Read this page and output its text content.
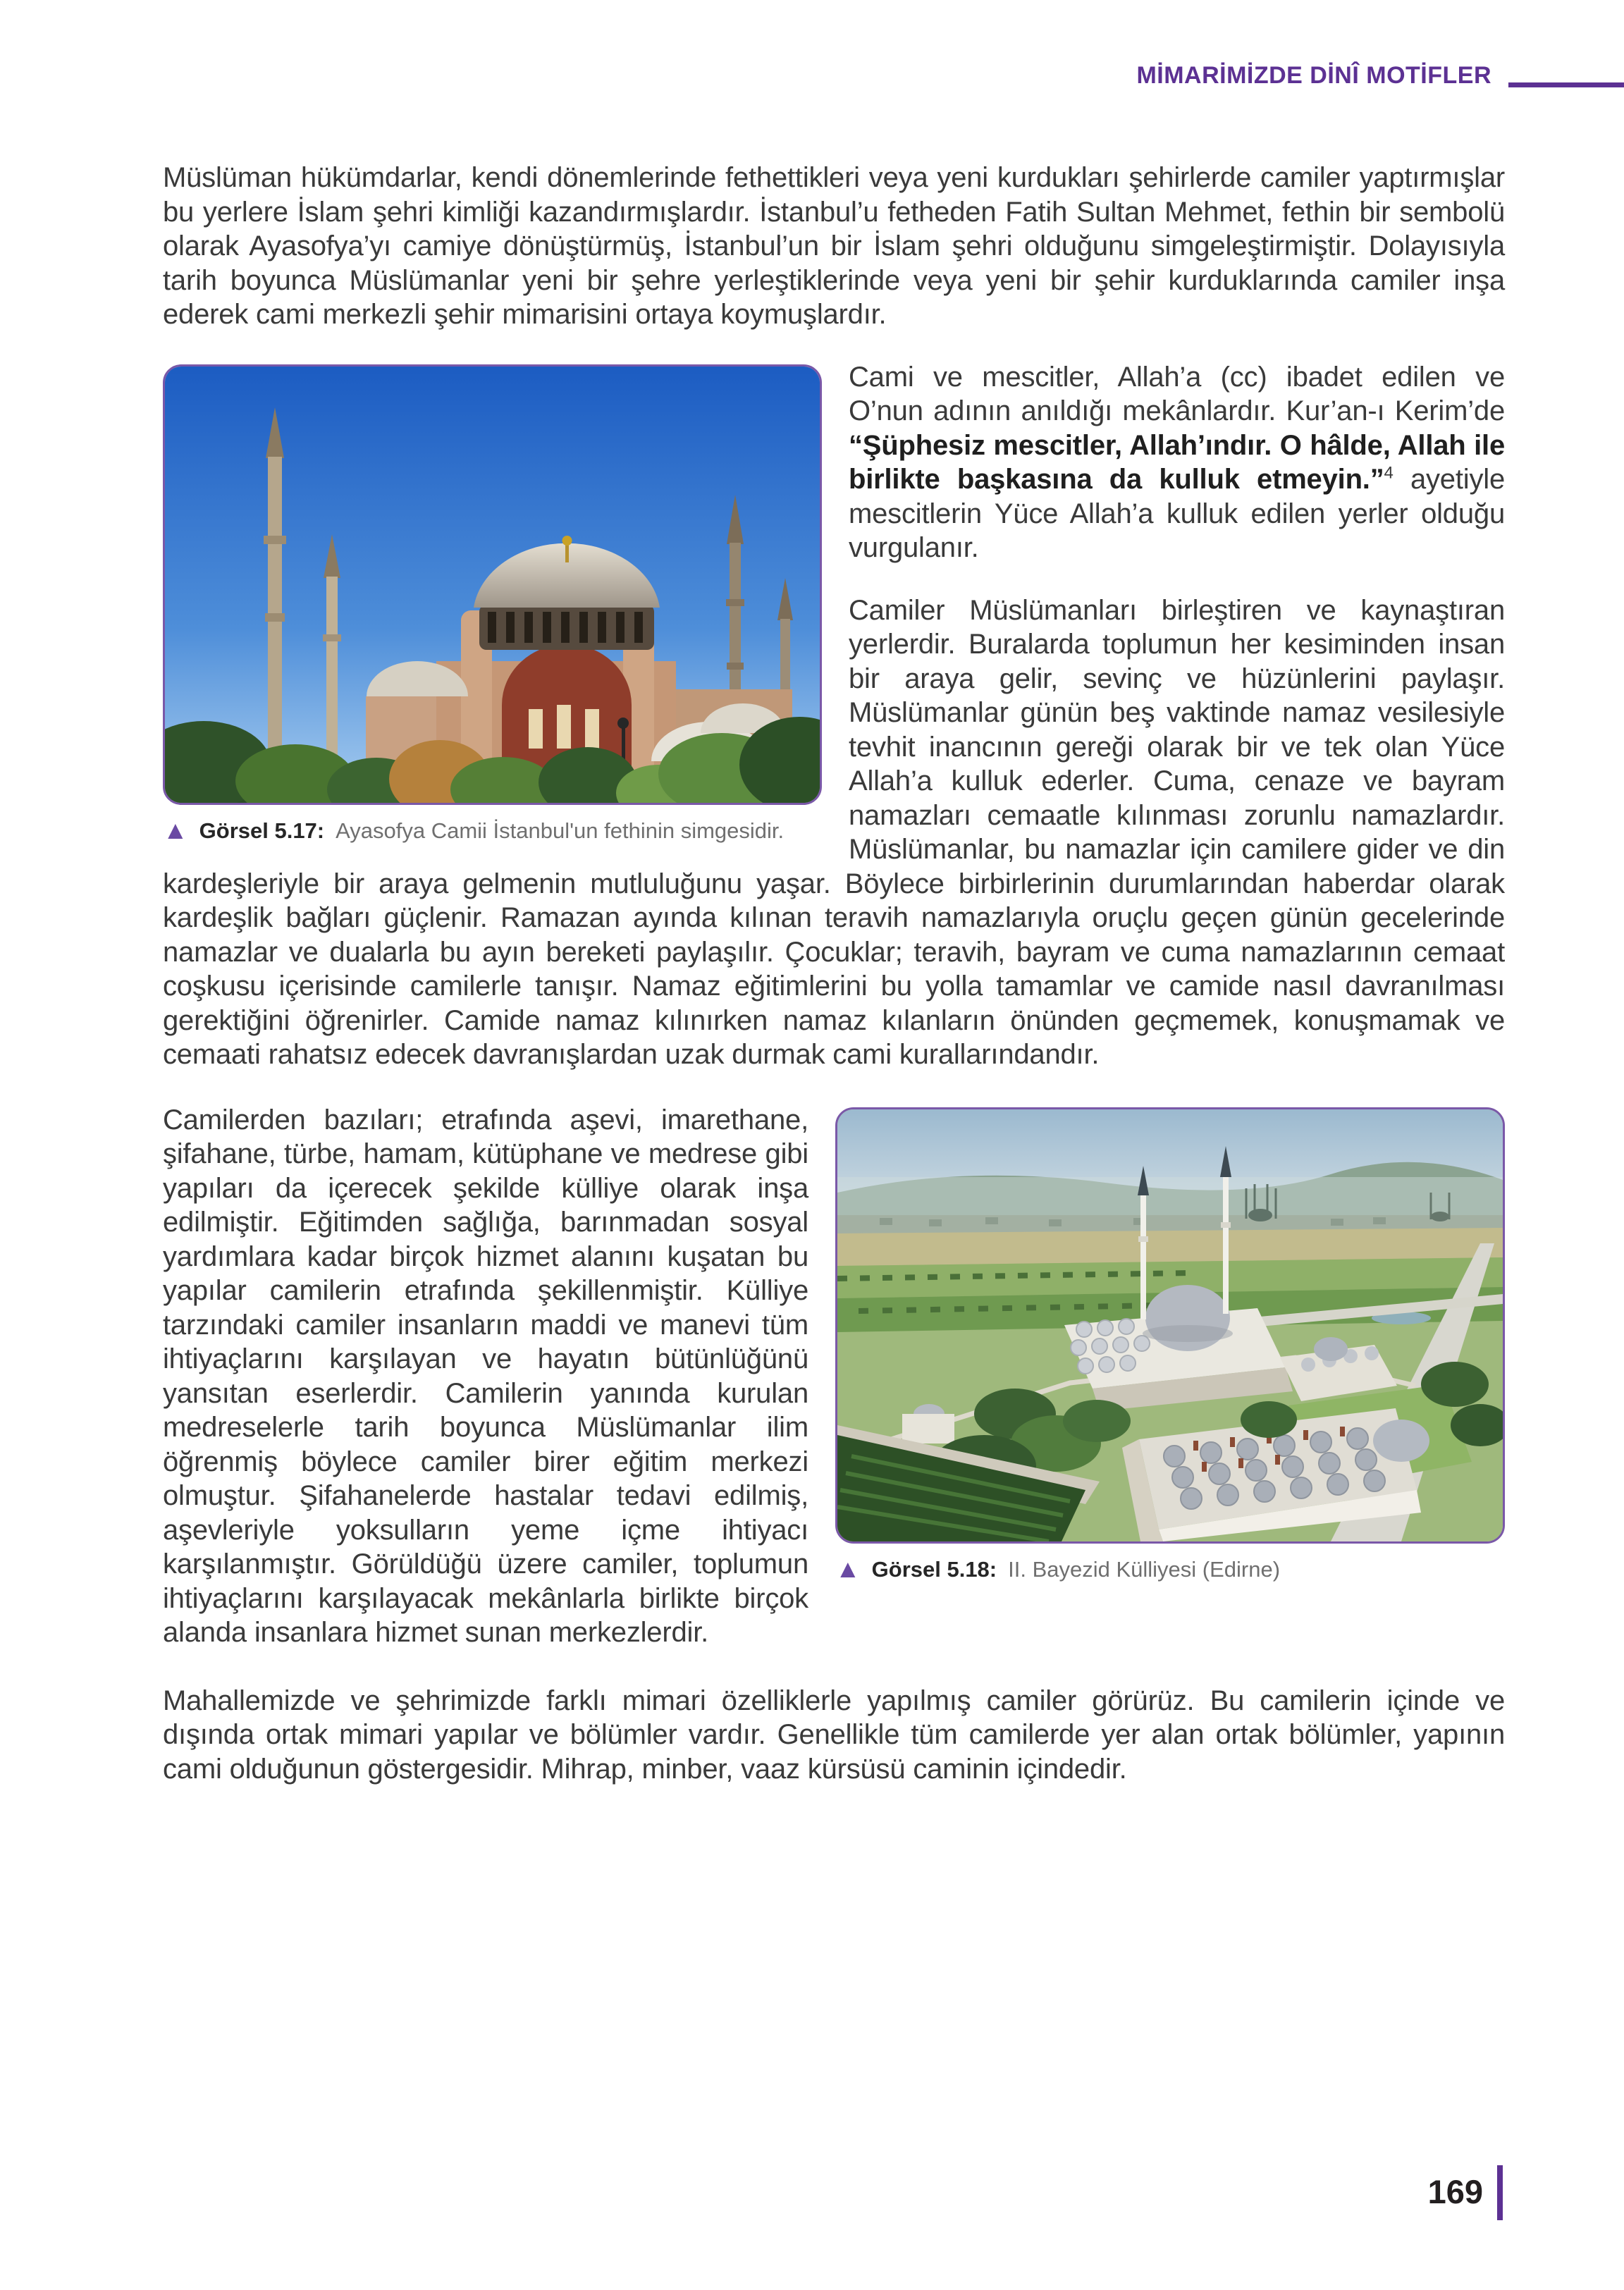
MİMARİMİZDE DİNÎ MOTİFLER

Müslüman hükümdarlar, kendi dönemlerinde fethettikleri veya yeni kurdukları şehirlerde camiler yaptırmışlar bu yerlere İslam şehri kimliği kazandırmışlardır. İstanbul’u fetheden Fatih Sultan Mehmet, fethin bir sembolü olarak Ayasofya’yı camiye dönüştürmüş, İstanbul’un bir İslam şehri olduğunu simgeleştirmiştir. Dolayısıyla tarih boyunca Müslümanlar yeni bir şehre yerleştiklerinde veya yeni bir şehir kurduklarında camiler inşa ederek cami merkezli şehir mimarisini ortaya koymuşlardır.

▲ Görsel 5.17: Ayasofya Camii İstanbul'un fethinin simgesidir.

Cami ve mescitler, Allah’a (cc) ibadet edilen ve O’nun adının anıldığı mekânlardır. Kur’an-ı Kerim’de “Şüphesiz mescitler, Allah’ındır. O hâlde, Allah ile birlikte başkasına da kulluk etmeyin.”$^4$ ayetiyle mescitlerin Yüce Allah’a kulluk edilen yerler olduğu vurgulanır.

Camiler Müslümanları birleştiren ve kaynaştıran yerlerdir. Buralarda toplumun her kesiminden insan bir araya gelir, sevinç ve hüzünlerini paylaşır. Müslümanlar günün beş vaktinde namaz vesilesiyle tevhit inancının gereği olarak bir ve tek olan Yüce Allah’a kulluk ederler. Cuma, cenaze ve bayram namazları cemaatle kılınması zorunlu namazlardır. Müslümanlar, bu namazlar için camilere gider ve din kardeşleriyle bir araya gelmenin mutluluğunu yaşar. Böylece birbirlerinin durumlarından haberdar olarak kardeşlik bağları güçlenir. Ramazan ayında kılınan teravih namazlarıyla oruçlu geçen günün gecelerinde namazlar ve dualarla bu ayın bereketi paylaşılır. Çocuklar; teravih, bayram ve cuma namazlarının cemaat coşkusu içerisinde camilerle tanışır. Namaz eğitimlerini bu yolla tamamlar ve camide nasıl davranılması gerektiğini öğrenirler. Camide namaz kılınırken namaz kılanların önünden geçmemek, konuşmamak ve cemaati rahatsız edecek davranışlardan uzak durmak cami kurallarındandır.

▲ Görsel 5.18: II. Bayezid Külliyesi (Edirne)

Camilerden bazıları; etrafında aşevi, imarethane, şifahane, türbe, hamam, kütüphane ve medrese gibi yapıları da içerecek şekilde külliye olarak inşa edilmiştir. Eğitimden sağlığa, barınmadan sosyal yardımlara kadar birçok hizmet alanını kuşatan bu yapılar camilerin etrafında şekillenmiştir. Külliye tarzındaki camiler insanların maddi ve manevi tüm ihtiyaçlarını karşılayan ve hayatın bütünlüğünü yansıtan eserlerdir. Camilerin yanında kurulan medreselerle tarih boyunca Müslümanlar ilim öğrenmiş böylece camiler birer eğitim merkezi olmuştur. Şifahanelerde hastalar tedavi edilmiş, aşevleriyle yoksulların yeme içme ihtiyacı karşılanmıştır. Görüldüğü üzere camiler, toplumun ihtiyaçlarını karşılayacak mekânlarla birlikte birçok alanda insanlara hizmet sunan merkezlerdir.

Mahallemizde ve şehrimizde farklı mimari özelliklerle yapılmış camiler görürüz. Bu camilerin içinde ve dışında ortak mimari yapılar ve bölümler vardır. Genellikle tüm camilerde yer alan ortak bölümler, yapının cami olduğunun göstergesidir. Mihrap, minber, vaaz kürsüsü caminin içindedir.

169
